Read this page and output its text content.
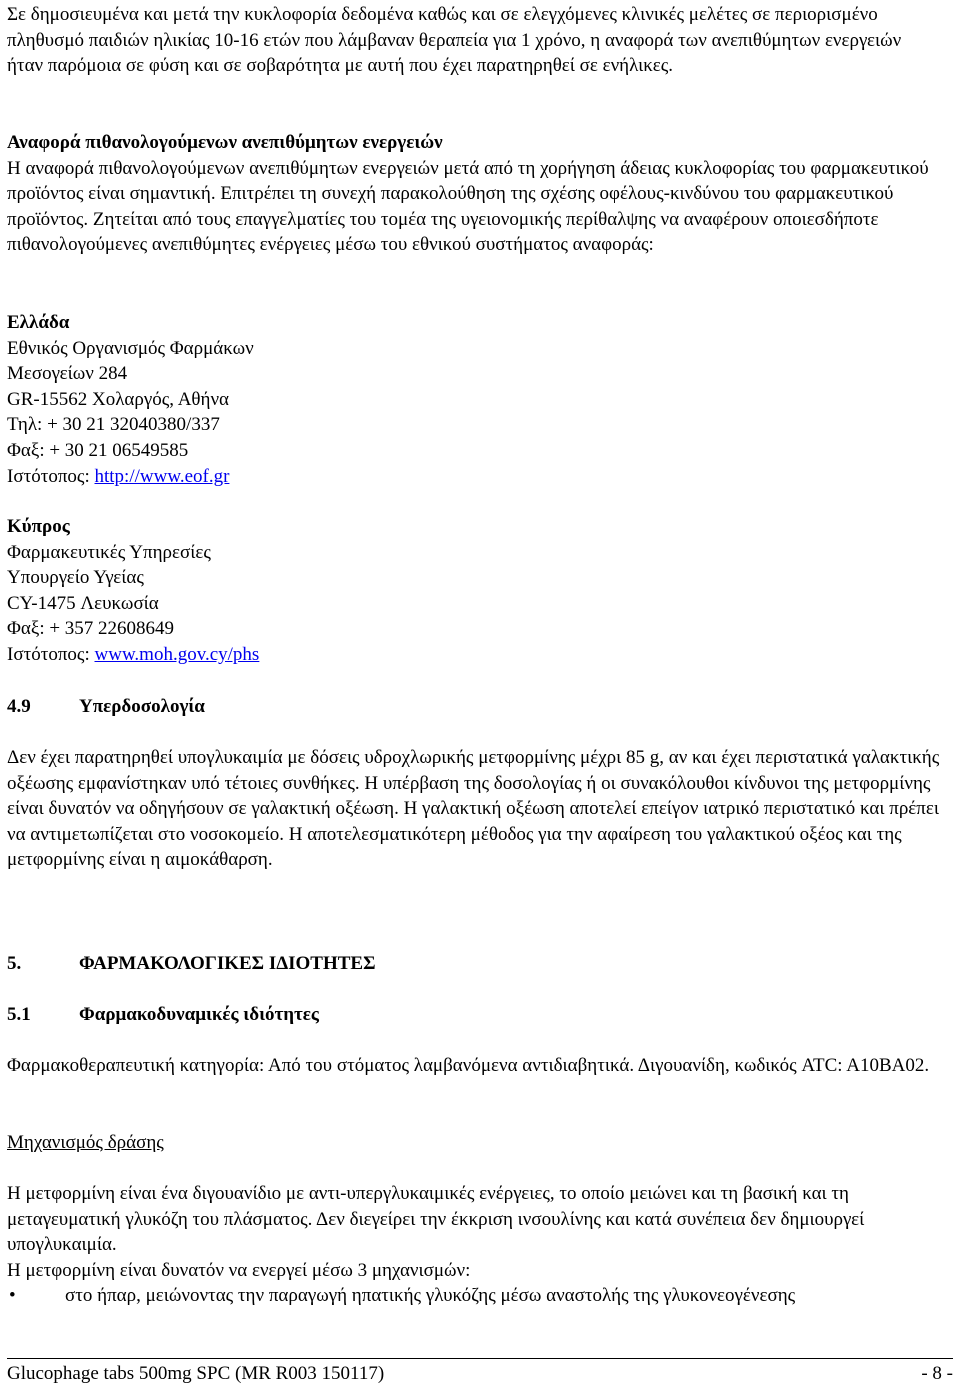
Σε δημοσιευμένα και μετά την κυκλοφορία δεδομένα καθώς και σε ελεγχόμενες κλινικές μελέτες σε περιορισμένο πληθυσμό παιδιών ηλικίας 10-16 ετών που λάμβαναν θεραπεία για 1 χρόνο, η αναφορά των ανεπιθύμητων ενεργειών ήταν παρόμοια σε φύση και σε σοβαρότητα με αυτή που έχει παρατηρηθεί σε ενήλικες.

Αναφορά πιθανολογούμενων ανεπιθύμητων ενεργειών

Η αναφορά πιθανολογούμενων ανεπιθύμητων ενεργειών μετά από τη χορήγηση άδειας κυκλοφορίας του φαρμακευτικού προϊόντος είναι σημαντική. Επιτρέπει τη συνεχή παρακολούθηση της σχέσης οφέλους-κινδύνου του φαρμακευτικού προϊόντος. Ζητείται από τους επαγγελματίες του τομέα της υγειονομικής περίθαλψης να αναφέρουν οποιεσδήποτε πιθανολογούμενες ανεπιθύμητες ενέργειες μέσω του εθνικού συστήματος αναφοράς:

Ελλάδα

Εθνικός Οργανισμός Φαρμάκων

Μεσογείων 284

GR-15562 Χολαργός, Αθήνα

Τηλ: + 30 21 32040380/337

Φαξ: + 30 21 06549585

Ιστότοπος: http://www.eof.gr

Κύπρος

Φαρμακευτικές Υπηρεσίες

Υπουργείο Υγείας

CY-1475 Λευκωσία

Φαξ: + 357 22608649

Ιστότοπος: www.moh.gov.cy/phs

4.9	Υπερδοσολογία

Δεν έχει παρατηρηθεί υπογλυκαιμία με δόσεις υδροχλωρικής μετφορμίνης μέχρι 85 g, αν και έχει περιστατικά γαλακτικής οξέωσης εμφανίστηκαν υπό τέτοιες συνθήκες. Η υπέρβαση της δοσολογίας ή οι συνακόλουθοι κίνδυνοι της μετφορμίνης είναι δυνατόν να οδηγήσουν σε γαλακτική οξέωση. Η γαλακτική οξέωση αποτελεί επείγον ιατρικό περιστατικό και πρέπει να αντιμετωπίζεται στο νοσοκομείο. Η αποτελεσματικότερη μέθοδος για την αφαίρεση του γαλακτικού οξέος και της μετφορμίνης είναι η αιμοκάθαρση.

5.	ΦΑΡΜΑΚΟΛΟΓΙΚΕΣ ΙΔΙΟΤΗΤΕΣ
5.1	Φαρμακοδυναμικές ιδιότητες

Φαρμακοθεραπευτική κατηγορία: Από του στόματος λαμβανόμενα αντιδιαβητικά. Διγουανίδη, κωδικός ATC: A10BA02.

Μηχανισμός δράσης

Η μετφορμίνη είναι ένα διγουανίδιο με αντι-υπεργλυκαιμικές ενέργειες, το οποίο μειώνει και τη βασική και τη μεταγευματική γλυκόζη του πλάσματος. Δεν διεγείρει την έκκριση ινσουλίνης και κατά συνέπεια δεν δημιουργεί υπογλυκαιμία.

Η μετφορμίνη είναι δυνατόν να ενεργεί μέσω 3 μηχανισμών:

•	στο ήπαρ, μειώνοντας την παραγωγή ηπατικής γλυκόζης μέσω αναστολής της γλυκονεογένεσης
Glucophage tabs 500mg SPC (MR R003 150117)	- 8 -
